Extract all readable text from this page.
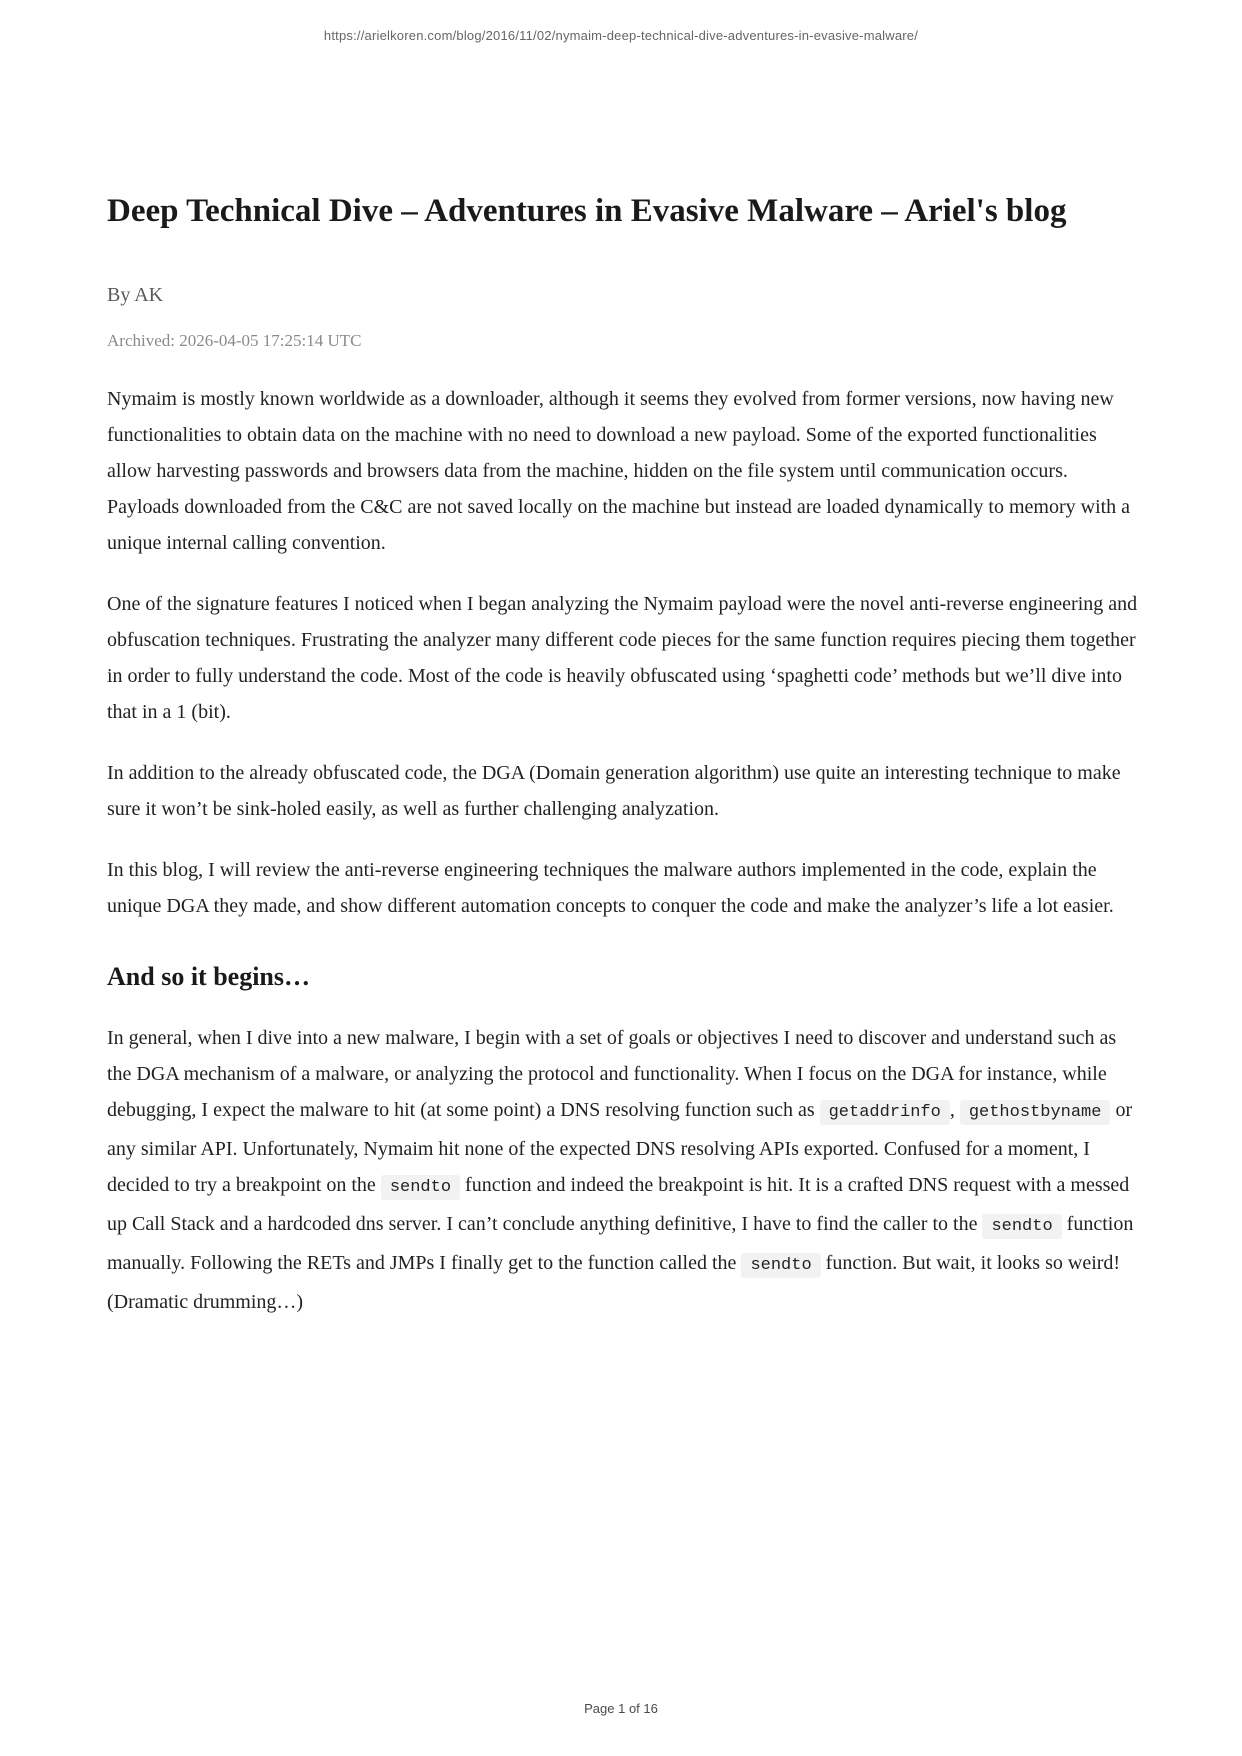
https://arielkoren.com/blog/2016/11/02/nymaim-deep-technical-dive-adventures-in-evasive-malware/
Deep Technical Dive – Adventures in Evasive Malware – Ariel's blog
By AK
Archived: 2026-04-05 17:25:14 UTC

Nymaim is mostly known worldwide as a downloader, although it seems they evolved from former versions, now having new functionalities to obtain data on the machine with no need to download a new payload. Some of the exported functionalities allow harvesting passwords and browsers data from the machine, hidden on the file system until communication occurs. Payloads downloaded from the C&C are not saved locally on the machine but instead are loaded dynamically to memory with a unique internal calling convention.

One of the signature features I noticed when I began analyzing the Nymaim payload were the novel anti-reverse engineering and obfuscation techniques. Frustrating the analyzer many different code pieces for the same function requires piecing them together in order to fully understand the code. Most of the code is heavily obfuscated using ‘spaghetti code’ methods but we’ll dive into that in a 1 (bit).

In addition to the already obfuscated code, the DGA (Domain generation algorithm) use quite an interesting technique to make sure it won’t be sink-holed easily, as well as further challenging analyzation.

In this blog, I will review the anti-reverse engineering techniques the malware authors implemented in the code, explain the unique DGA they made, and show different automation concepts to conquer the code and make the analyzer’s life a lot easier.

And so it begins…

In general, when I dive into a new malware, I begin with a set of goals or objectives I need to discover and understand such as the DGA mechanism of a malware, or analyzing the protocol and functionality. When I focus on the DGA for instance, while debugging, I expect the malware to hit (at some point) a DNS resolving function such as getaddrinfo , gethostbyname or any similar API. Unfortunately, Nymaim hit none of the expected DNS resolving APIs exported. Confused for a moment, I decided to try a breakpoint on the sendto function and indeed the breakpoint is hit. It is a crafted DNS request with a messed up Call Stack and a hardcoded dns server. I can’t conclude anything definitive, I have to find the caller to the sendto function manually. Following the RETs and JMPs I finally get to the function called the sendto function. But wait, it looks so weird! (Dramatic drumming…)

Page 1 of 16
